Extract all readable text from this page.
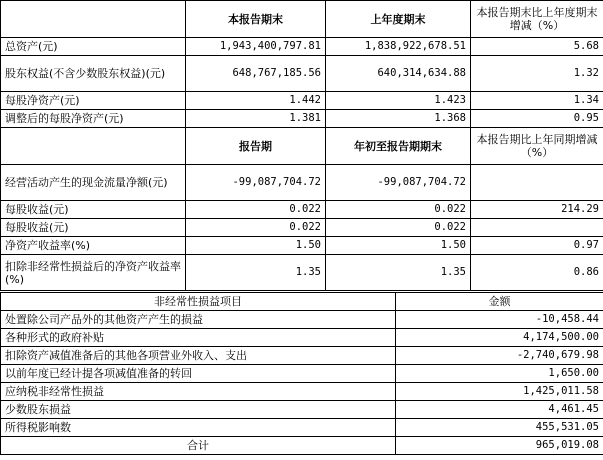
	本报告期末	上年度期末	本报告期末比上年度期末增减（%）
总资产(元)	1,943,400,797.81	1,838,922,678.51	5.68
股东权益(不含少数股东权益)(元)	648,767,185.56	640,314,634.88	1.32
每股净资产(元)	1.442	1.423	1.34
调整后的每股净资产(元)	1.381	1.368	0.95
	报告期	年初至报告期期末	本报告期比上年同期增减（%）
经营活动产生的现金流量净额(元)	-99,087,704.72	-99,087,704.72	
每股收益(元)	0.022	0.022	214.29
每股收益(元)	0.022	0.022	
净资产收益率(%)	1.50	1.50	0.97
扣除非经常性损益后的净资产收益率(%)	1.35	1.35	0.86
非经常性损益项目	金额
处置除公司产品外的其他资产产生的损益	-10,458.44
各种形式的政府补贴	4,174,500.00
扣除资产减值准备后的其他各项营业外收入、支出	-2,740,679.98
以前年度已经计提各项减值准备的转回	1,650.00
应纳税非经常性损益	1,425,011.58
少数股东损益	4,461.45
所得税影响数	455,531.05
合计	965,019.08
